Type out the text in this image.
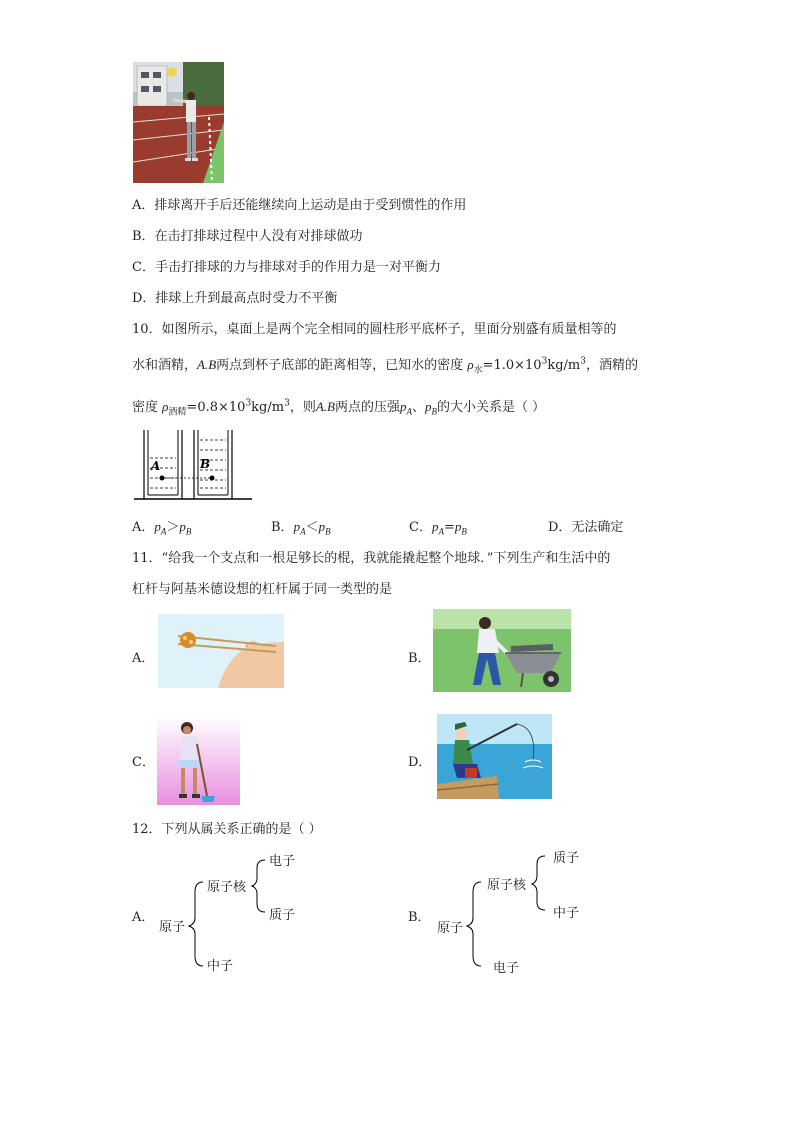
A．排球离开手后还能继续向上运动是由于受到惯性的作用
B．在击打排球过程中人没有对排球做功
C．手击打排球的力与排球对手的作用力是一对平衡力
D．排球上升到最高点时受力不平衡
10．如图所示，桌面上是两个完全相同的圆柱形平底杯子，里面分别盛有质量相等的
水和酒精，A.B两点到杯子底部的距离相等，已知水的密度 $\rho_水=1.0\times 10^3kg/m^3$，酒精的
密度 $\rho_{酒精}=0.8\times 10^3kg/m^3$，则A.B两点的压强$p_A$、$p_B$的大小关系是（ ）
A	B
A．$p_A>p_B$	B．$p_A<p_B$	C．$p_A=p_B$	D．无法确定
11．“给我一个支点和一根足够长的棍，我就能撬起整个地球．”下列生产和生活中的
杠杆与阿基米德设想的杠杆属于同一类型的是
A．	B．
C．	D．
12．下列从属关系正确的是（ ）
A．
原子
原子核
电子
质子
中子
B．
原子
原子核
质子
中子
电子
